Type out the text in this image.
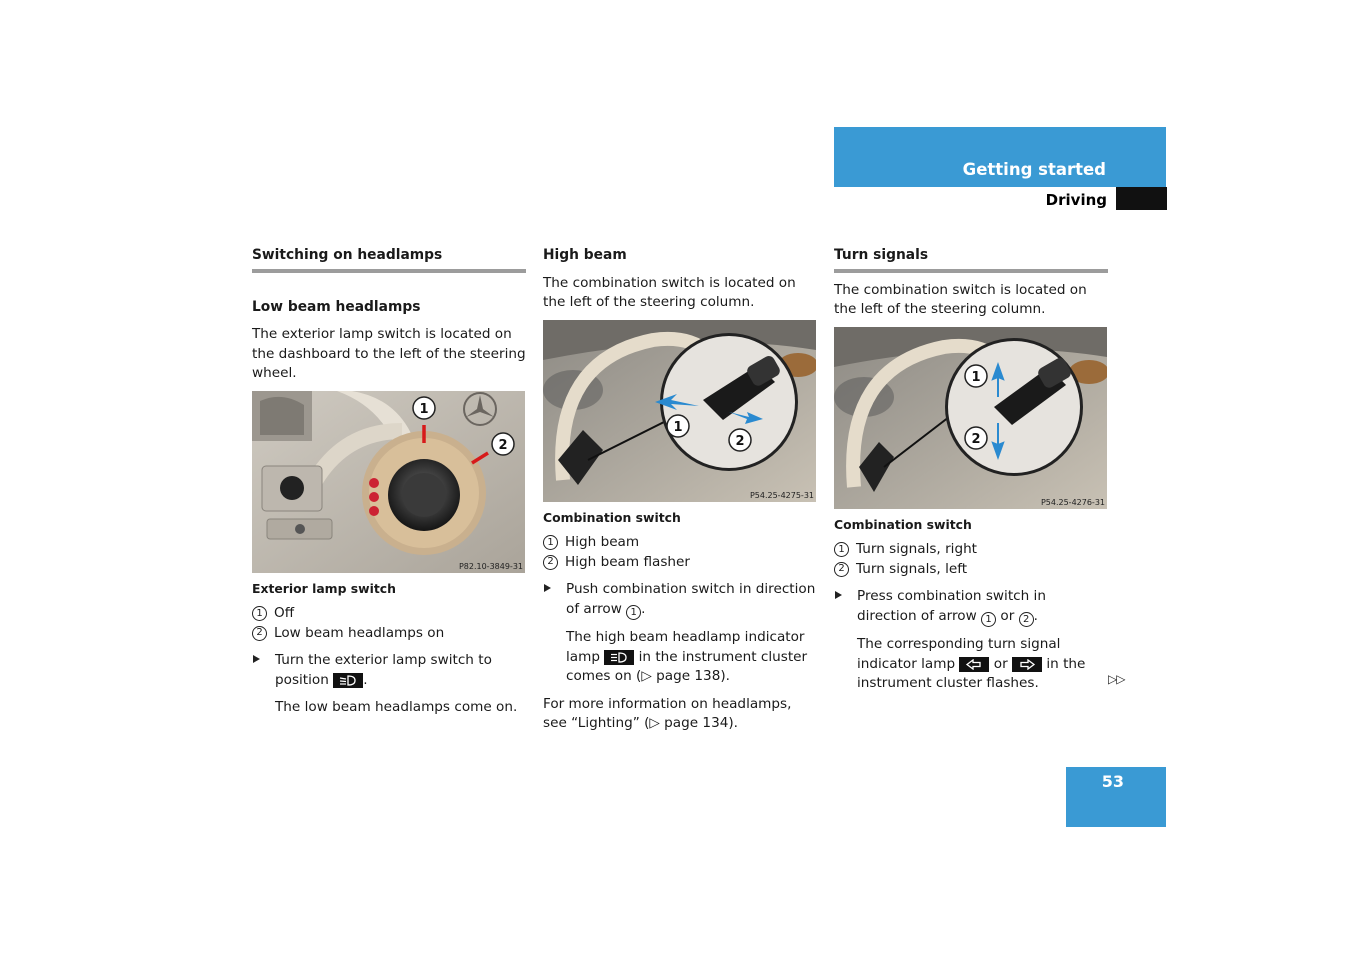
Getting started
Driving
Switching on headlamps
Low beam headlamps
The exterior lamp switch is located on the dashboard to the left of the steering wheel.
1
2
P82.10-3849-31
Exterior lamp switch
1 Off
2 Low beam headlamps on
Turn the exterior lamp switch to position	.
The low beam headlamps come on.
High beam
The combination switch is located on the left of the steering column.
1
2
P54.25-4275-31
Combination switch
1 High beam
2 High beam flasher
Push combination switch in direction of arrow 1 .
The high beam headlamp indicator lamp	in the instrument cluster comes on (▷ page 138).
For more information on headlamps, see “Lighting” (▷ page 134).
Turn signals
The combination switch is located on the left of the steering column.
1
2
P54.25-4276-31
Combination switch
1 Turn signals, right
2 Turn signals, left
Press combination switch in direction of arrow 1 or 2 .
The corresponding turn signal indicator lamp	or	in the instrument cluster flashes.	▷▷
53
